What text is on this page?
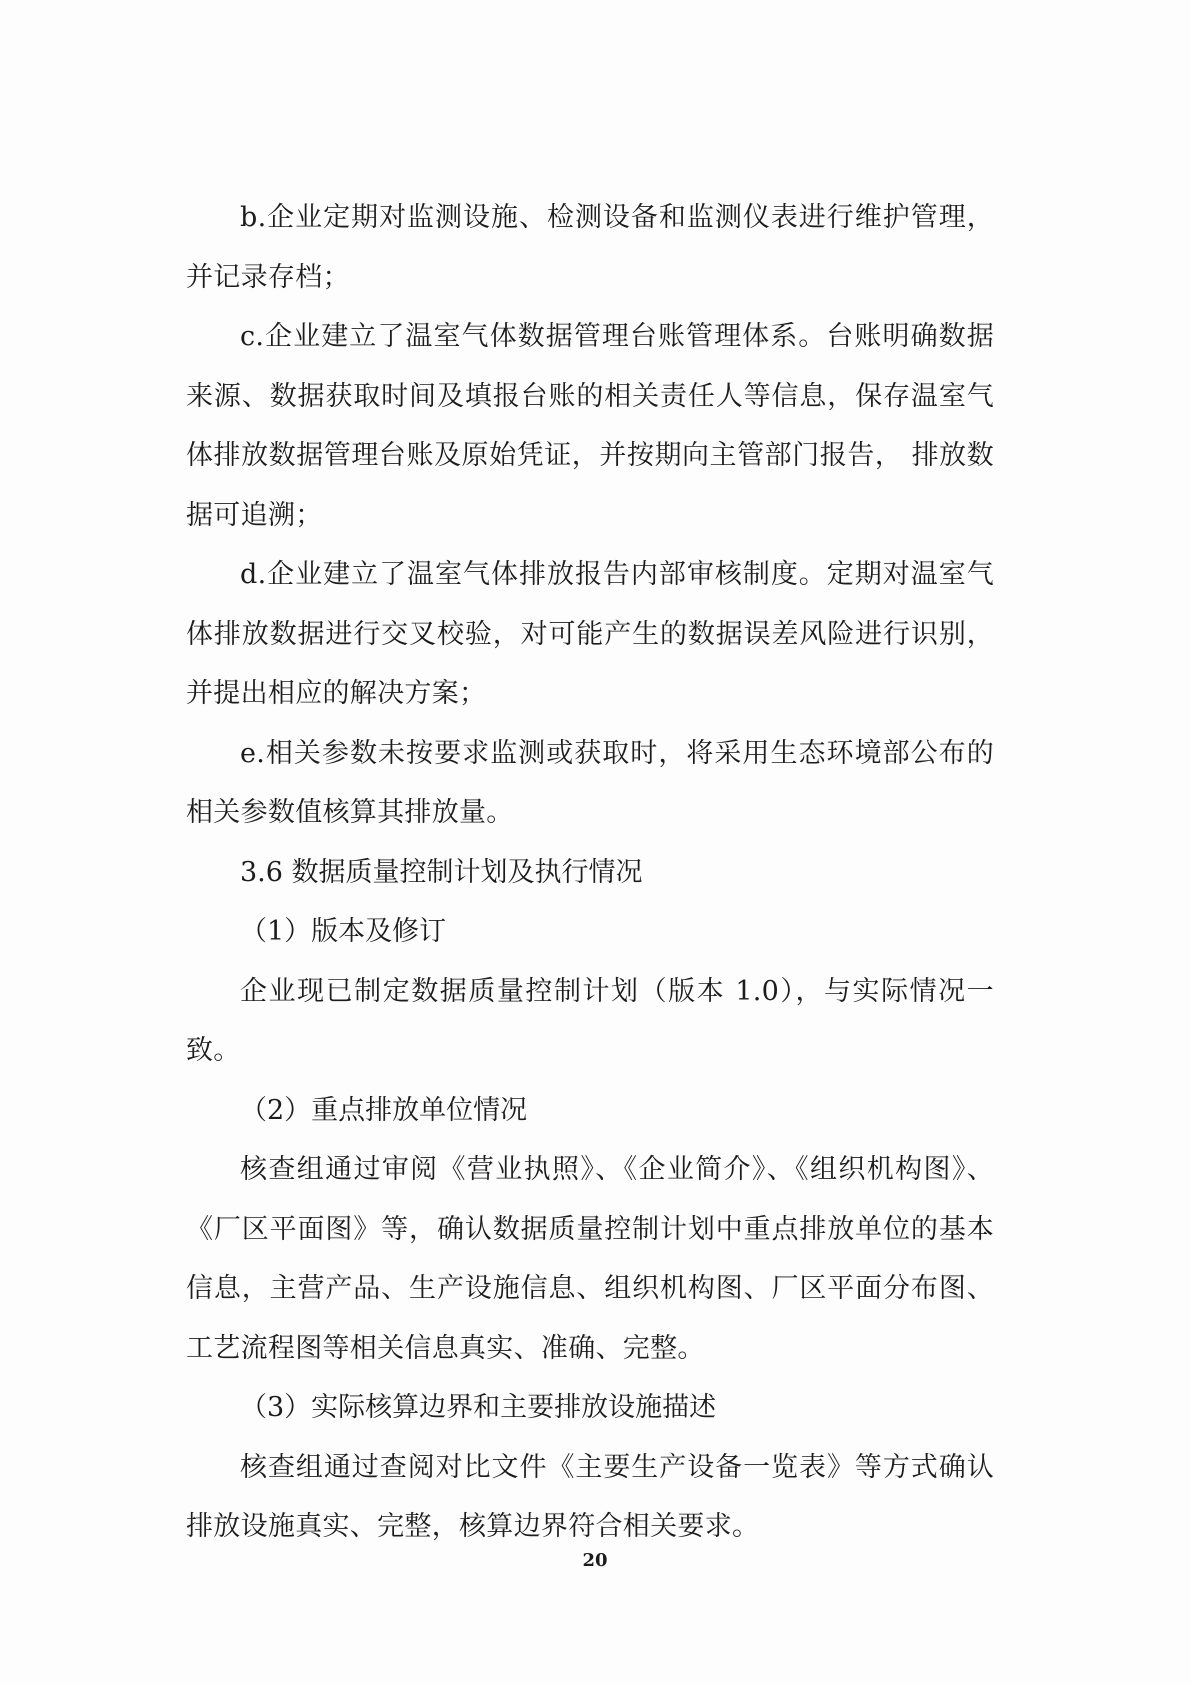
b.企业定期对监测设施、检测设备和监测仪表进行维护管理，并记录存档；

c.企业建立了温室气体数据管理台账管理体系。台账明确数据来源、数据获取时间及填报台账的相关责任人等信息，保存温室气体排放数据管理台账及原始凭证，并按期向主管部门报告， 排放数据可追溯；

d.企业建立了温室气体排放报告内部审核制度。定期对温室气体排放数据进行交叉校验，对可能产生的数据误差风险进行识别，并提出相应的解决方案；

e.相关参数未按要求监测或获取时，将采用生态环境部公布的相关参数值核算其排放量。

3.6 数据质量控制计划及执行情况

（1）版本及修订

企业现已制定数据质量控制计划（版本 1.0），与实际情况一致。

（2）重点排放单位情况

核查组通过审阅《营业执照》、《企业简介》、《组织机构图》、《厂区平面图》等，确认数据质量控制计划中重点排放单位的基本信息，主营产品、生产设施信息、组织机构图、厂区平面分布图、工艺流程图等相关信息真实、准确、完整。

（3）实际核算边界和主要排放设施描述

核查组通过查阅对比文件《主要生产设备一览表》等方式确认排放设施真实、完整，核算边界符合相关要求。

20
